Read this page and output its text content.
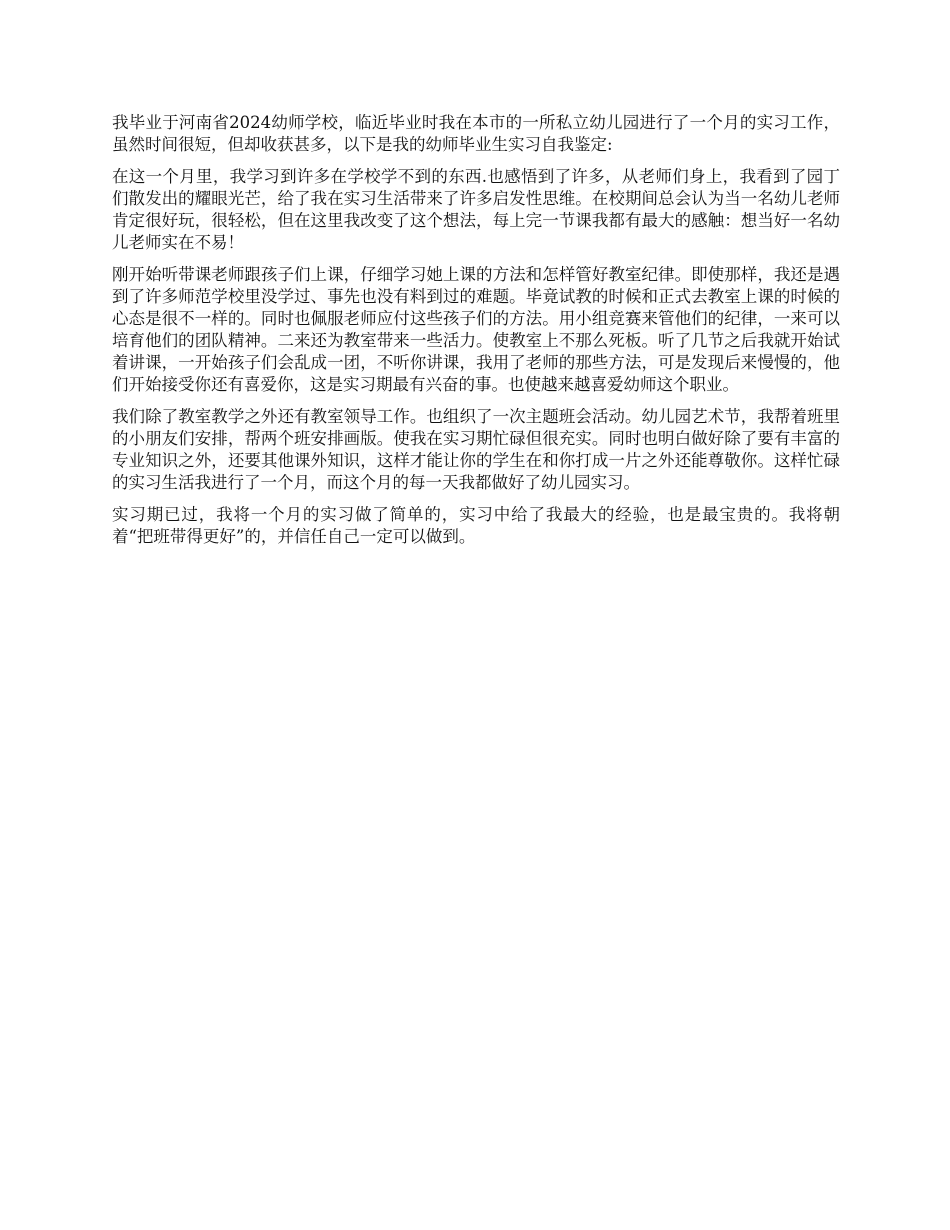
我毕业于河南省2024幼师学校，临近毕业时我在本市的一所私立幼儿园进行了一个月的实习工作，虽然时间很短，但却收获甚多，以下是我的幼师毕业生实习自我鉴定:

在这一个月里，我学习到许多在学校学不到的东西.也感悟到了许多，从老师们身上，我看到了园丁们散发出的耀眼光芒，给了我在实习生活带来了许多启发性思维。在校期间总会认为当一名幼儿老师肯定很好玩，很轻松，但在这里我改变了这个想法，每上完一节课我都有最大的感触：想当好一名幼儿老师实在不易！

刚开始听带课老师跟孩子们上课，仔细学习她上课的方法和怎样管好教室纪律。即使那样，我还是遇到了许多师范学校里没学过、事先也没有料到过的难题。毕竟试教的时候和正式去教室上课的时候的心态是很不一样的。同时也佩服老师应付这些孩子们的方法。用小组竞赛来管他们的纪律，一来可以培育他们的团队精神。二来还为教室带来一些活力。使教室上不那么死板。听了几节之后我就开始试着讲课，一开始孩子们会乱成一团，不听你讲课，我用了老师的那些方法，可是发现后来慢慢的，他们开始接受你还有喜爱你，这是实习期最有兴奋的事。也使越来越喜爱幼师这个职业。

我们除了教室教学之外还有教室领导工作。也组织了一次主题班会活动。幼儿园艺术节，我帮着班里的小朋友们安排，帮两个班安排画版。使我在实习期忙碌但很充实。同时也明白做好除了要有丰富的专业知识之外，还要其他课外知识，这样才能让你的学生在和你打成一片之外还能尊敬你。这样忙碌的实习生活我进行了一个月，而这个月的每一天我都做好了幼儿园实习。

实习期已过，我将一个月的实习做了简单的，实习中给了我最大的经验，也是最宝贵的。我将朝着“把班带得更好”的，并信任自己一定可以做到。
